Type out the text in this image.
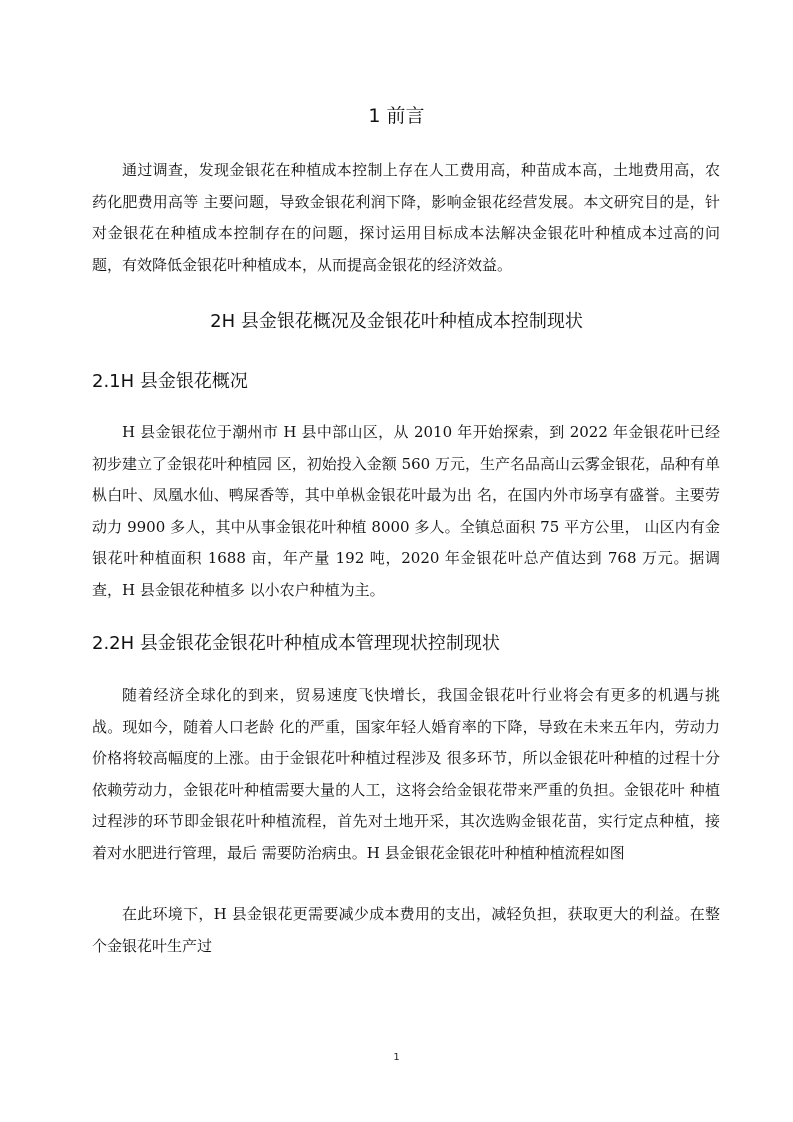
1 前言

通过调查，发现金银花在种植成本控制上存在人工费用高，种苗成本高，土地费用高，农药化肥费用高等 主要问题，导致金银花利润下降，影响金银花经营发展。本文研究目的是，针对金银花在种植成本控制存在的问题，探讨运用目标成本法解决金银花叶种植成本过高的问题，有效降低金银花叶种植成本，从而提高金银花的经济效益。

2H 县金银花概况及金银花叶种植成本控制现状
2.1H 县金银花概况

H 县金银花位于潮州市 H 县中部山区，从 2010 年开始探索，到 2022 年金银花叶已经初步建立了金银花叶种植园 区，初始投入金额 560 万元，生产名品高山云雾金银花，品种有单枞白叶、凤凰水仙、鸭屎香等，其中单枞金银花叶最为出 名，在国内外市场享有盛誉。主要劳动力 9900 多人，其中从事金银花叶种植 8000 多人。全镇总面积 75 平方公里， 山区内有金银花叶种植面积 1688 亩，年产量 192 吨，2020 年金银花叶总产值达到 768 万元。据调查，H 县金银花种植多 以小农户种植为主。

2.2H 县金银花金银花叶种植成本管理现状控制现状

随着经济全球化的到来，贸易速度飞快增长，我国金银花叶行业将会有更多的机遇与挑战。现如今，随着人口老龄 化的严重，国家年轻人婚育率的下降，导致在未来五年内，劳动力价格将较高幅度的上涨。由于金银花叶种植过程涉及 很多环节，所以金银花叶种植的过程十分依赖劳动力，金银花叶种植需要大量的人工，这将会给金银花带来严重的负担。金银花叶 种植过程涉的环节即金银花叶种植流程，首先对土地开采，其次选购金银花苗，实行定点种植，接着对水肥进行管理，最后 需要防治病虫。H 县金银花金银花叶种植种植流程如图

在此环境下，H 县金银花更需要减少成本费用的支出，减轻负担，获取更大的利益。在整个金银花叶生产过

1
